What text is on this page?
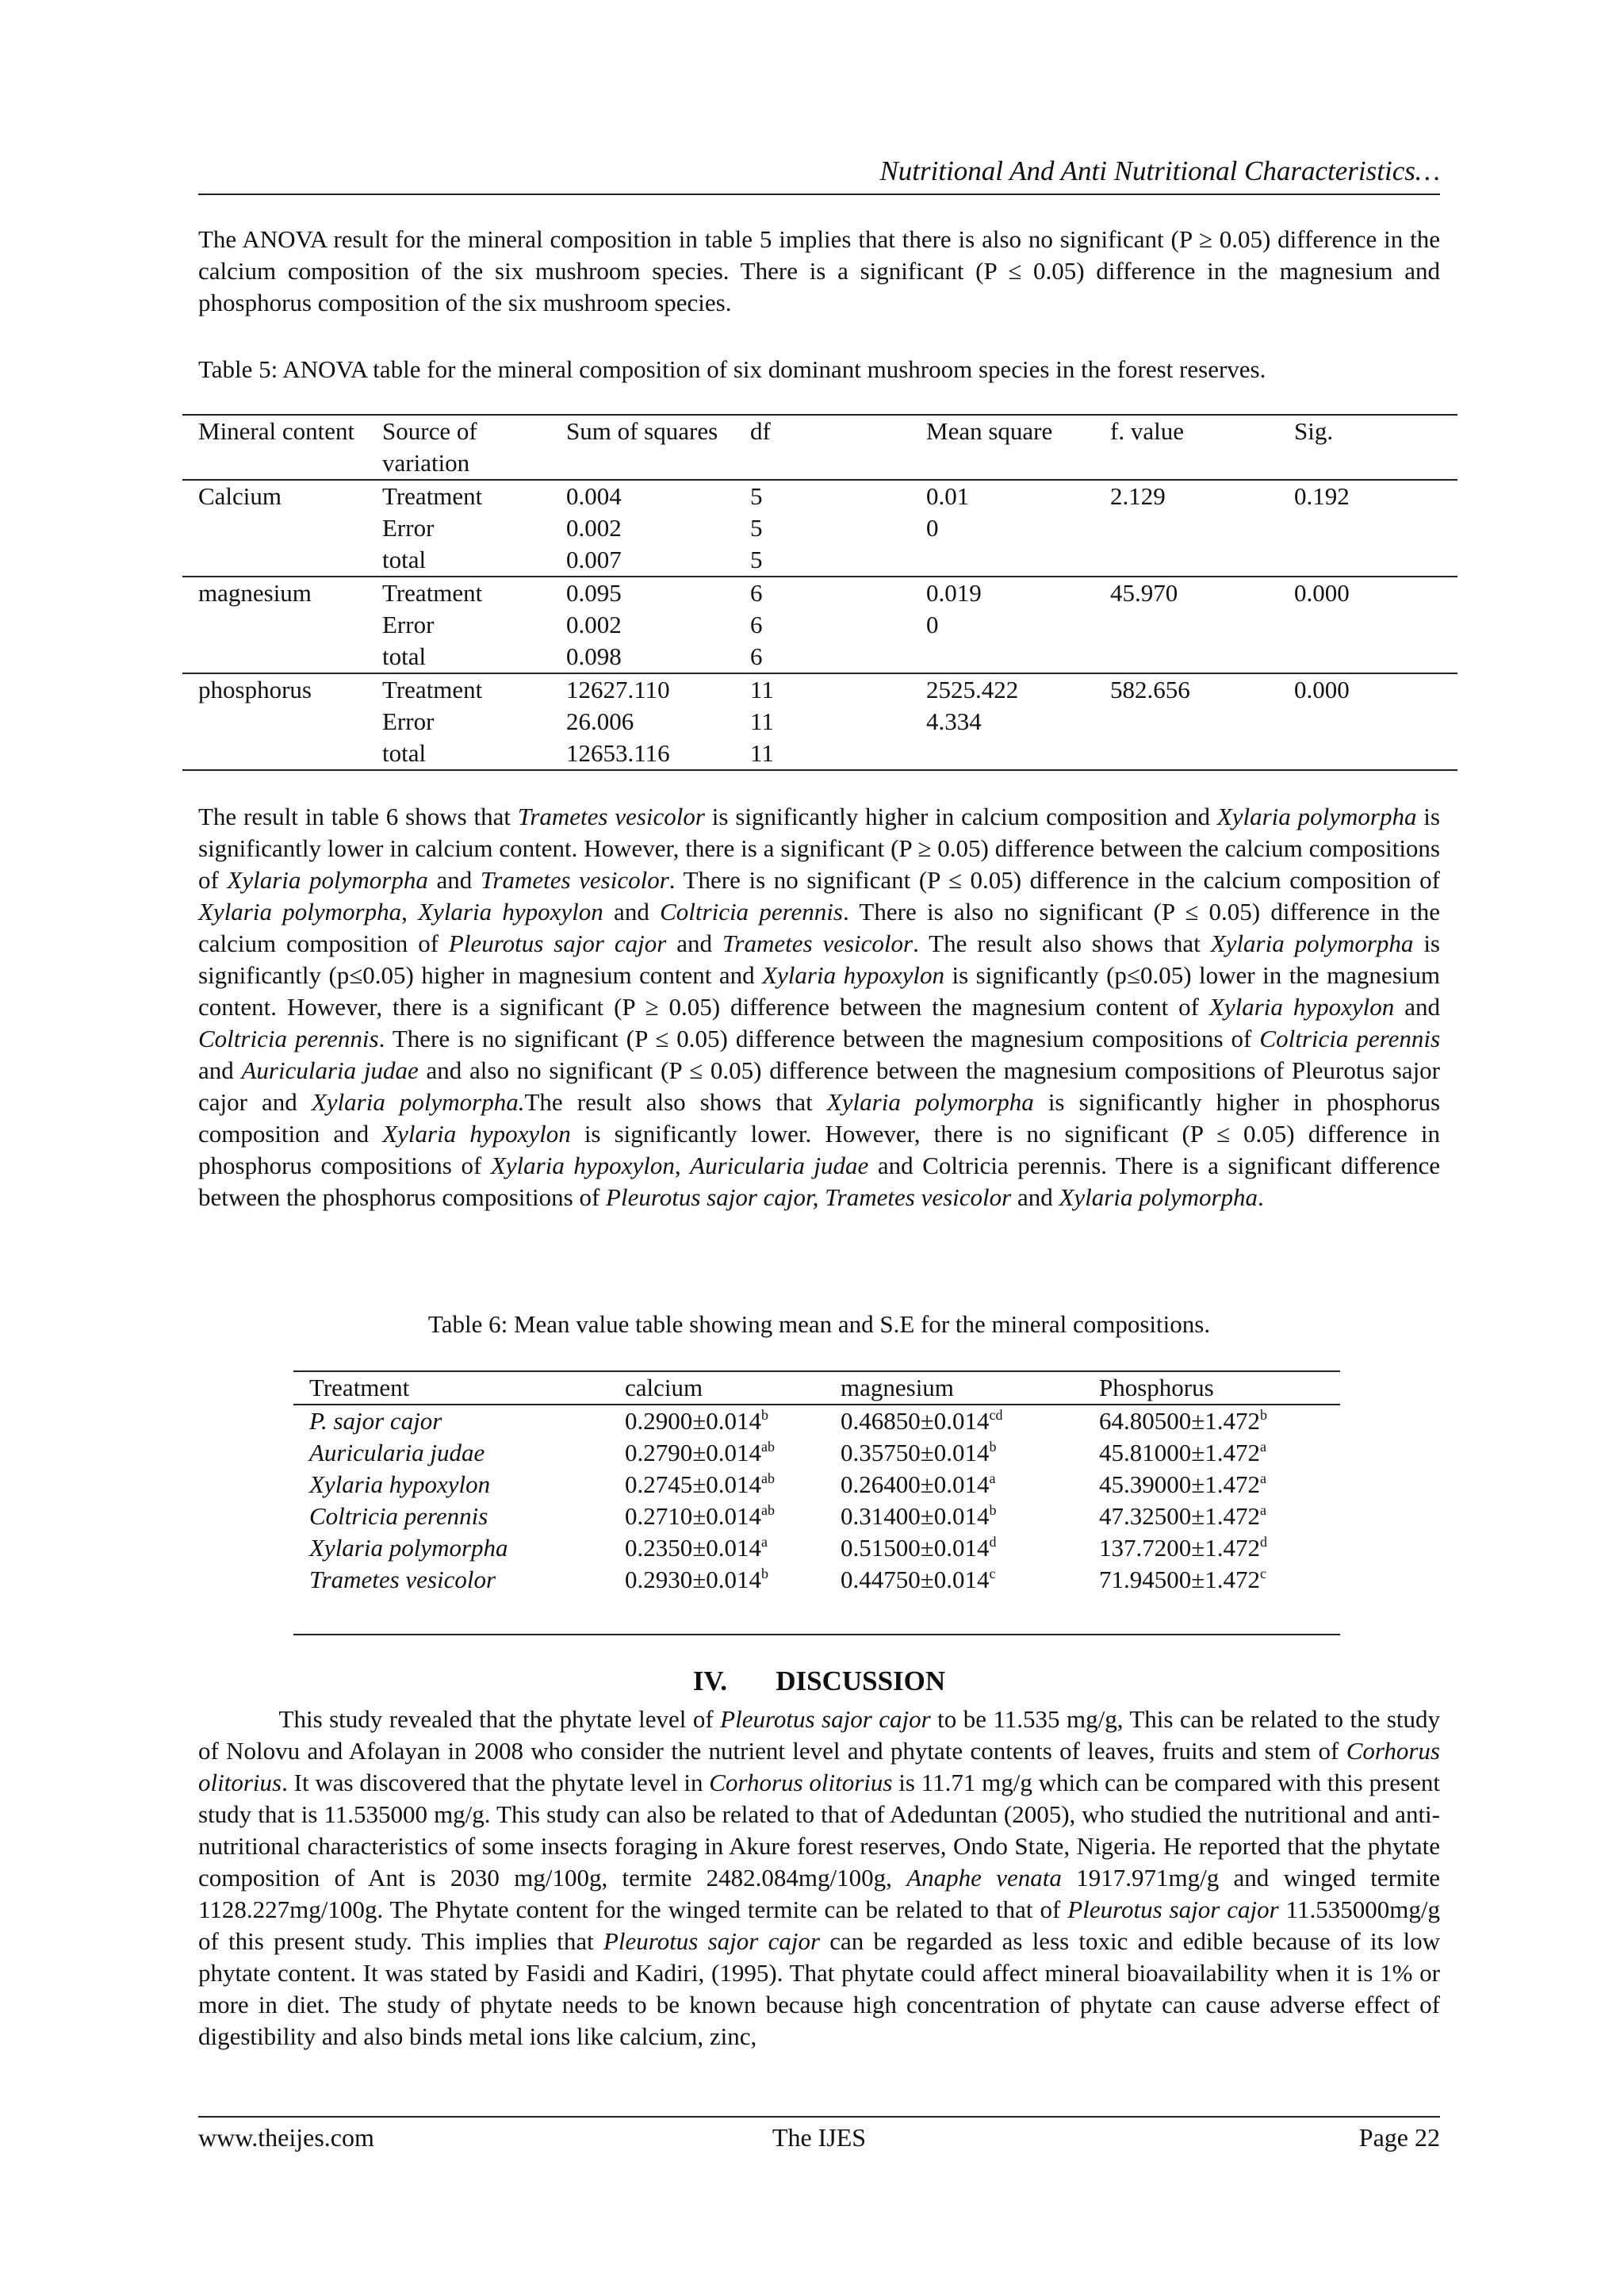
Nutritional And Anti Nutritional Characteristics…

The ANOVA result for the mineral composition in table 5 implies that there is also no significant (P ≥ 0.05) difference in the calcium composition of the six mushroom species. There is a significant (P ≤ 0.05) difference in the magnesium and phosphorus composition of the six mushroom species.

Table 5: ANOVA table for the mineral composition of six dominant mushroom species in the forest reserves.
Mineral content	Source of variation	Sum of squares	df	Mean square	f. value	Sig.
Calcium	Treatment	0.004	5	0.01	2.129	0.192
	Error	0.002	5	0		
	total	0.007	5			
magnesium	Treatment	0.095	6	0.019	45.970	0.000
	Error	0.002	6	0		
	total	0.098	6			
phosphorus	Treatment	12627.110	11	2525.422	582.656	0.000
	Error	26.006	11	4.334		
	total	12653.116	11			

The result in table 6 shows that Trametes vesicolor is significantly higher in calcium composition and Xylaria polymorpha is significantly lower in calcium content. However, there is a significant (P ≥ 0.05) difference between the calcium compositions of Xylaria polymorpha and Trametes vesicolor. There is no significant (P ≤ 0.05) difference in the calcium composition of Xylaria polymorpha, Xylaria hypoxylon and Coltricia perennis. There is also no significant (P ≤ 0.05) difference in the calcium composition of Pleurotus sajor cajor and Trametes vesicolor. The result also shows that Xylaria polymorpha is significantly (p≤0.05) higher in magnesium content and Xylaria hypoxylon is significantly (p≤0.05) lower in the magnesium content. However, there is a significant (P ≥ 0.05) difference between the magnesium content of Xylaria hypoxylon and Coltricia perennis. There is no significant (P ≤ 0.05) difference between the magnesium compositions of Coltricia perennis and Auricularia judae and also no significant (P ≤ 0.05) difference between the magnesium compositions of Pleurotus sajor cajor and Xylaria polymorpha.The result also shows that Xylaria polymorpha is significantly higher in phosphorus composition and Xylaria hypoxylon is significantly lower. However, there is no significant (P ≤ 0.05) difference in phosphorus compositions of Xylaria hypoxylon, Auricularia judae and Coltricia perennis. There is a significant difference between the phosphorus compositions of Pleurotus sajor cajor, Trametes vesicolor and Xylaria polymorpha.

Table 6: Mean value table showing mean and S.E for the mineral compositions.
Treatment	calcium	magnesium	Phosphorus
P. sajor cajor	0.2900±0.014$^b$	0.46850±0.014$^{cd}$	64.80500±1.472$^b$
Auricularia judae	0.2790±0.014$^{ab}$	0.35750±0.014$^b$	45.81000±1.472$^a$
Xylaria hypoxylon	0.2745±0.014$^{ab}$	0.26400±0.014$^a$	45.39000±1.472$^a$
Coltricia perennis	0.2710±0.014$^{ab}$	0.31400±0.014$^b$	47.32500±1.472$^a$
Xylaria polymorpha	0.2350±0.014$^a$	0.51500±0.014$^d$	137.7200±1.472$^d$
Trametes vesicolor	0.2930±0.014$^b$	0.44750±0.014$^c$	71.94500±1.472$^c$
IV. DISCUSSION

This study revealed that the phytate level of Pleurotus sajor cajor to be 11.535 mg/g, This can be related to the study of Nolovu and Afolayan in 2008 who consider the nutrient level and phytate contents of leaves, fruits and stem of Corhorus olitorius. It was discovered that the phytate level in Corhorus olitorius is 11.71 mg/g which can be compared with this present study that is 11.535000 mg/g. This study can also be related to that of Adeduntan (2005), who studied the nutritional and anti-nutritional characteristics of some insects foraging in Akure forest reserves, Ondo State, Nigeria. He reported that the phytate composition of Ant is 2030 mg/100g, termite 2482.084mg/100g, Anaphe venata 1917.971mg/g and winged termite 1128.227mg/100g. The Phytate content for the winged termite can be related to that of Pleurotus sajor cajor 11.535000mg/g of this present study. This implies that Pleurotus sajor cajor can be regarded as less toxic and edible because of its low phytate content. It was stated by Fasidi and Kadiri, (1995). That phytate could affect mineral bioavailability when it is 1% or more in diet. The study of phytate needs to be known because high concentration of phytate can cause adverse effect of digestibility and also binds metal ions like calcium, zinc,

www.theijes.com	The IJES	Page 22
